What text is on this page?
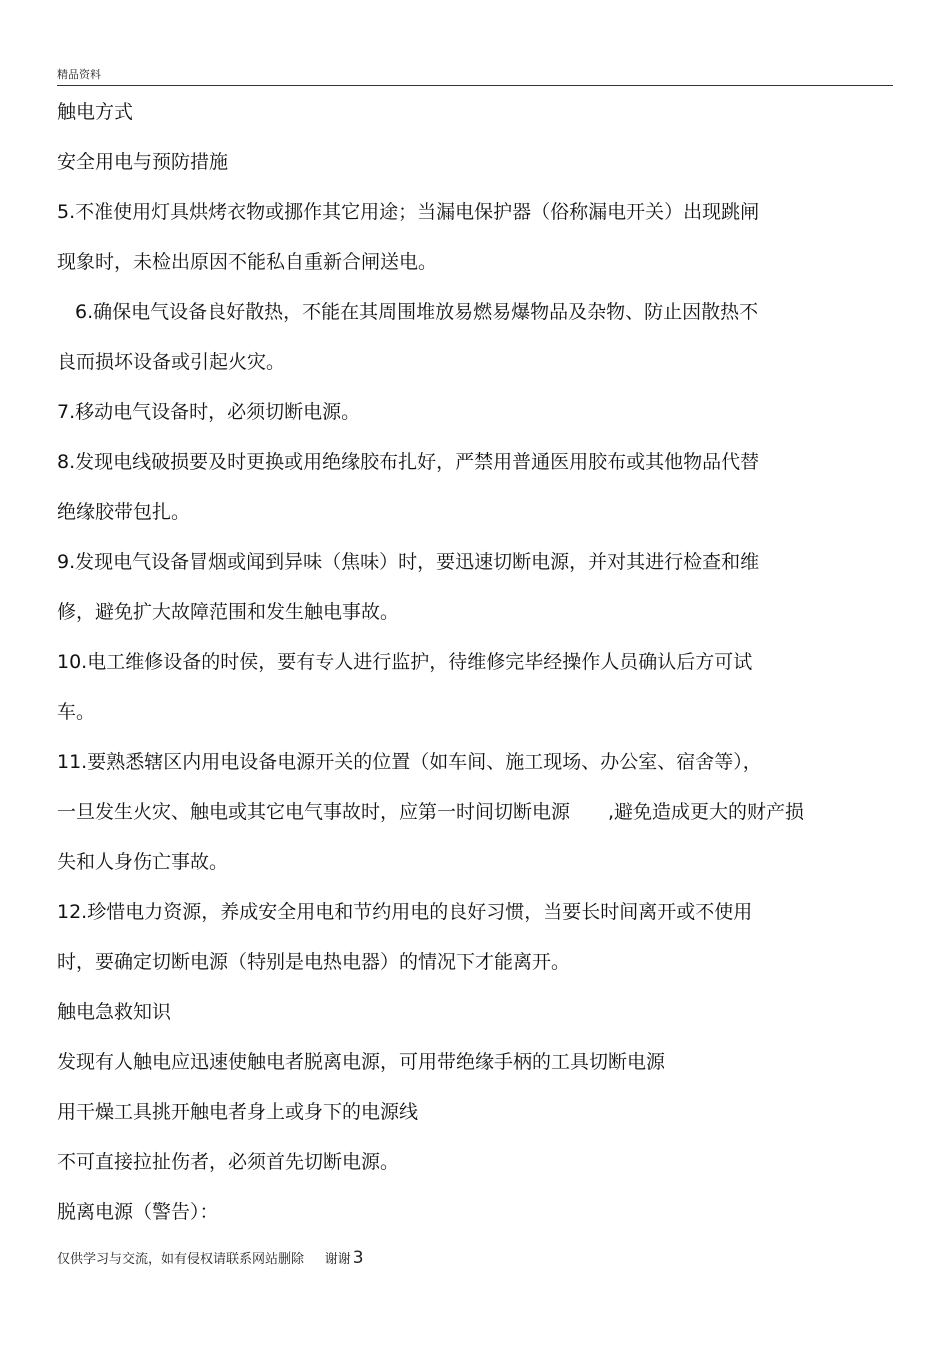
精品资料
触电方式
安全用电与预防措施
5.不准使用灯具烘烤衣物或挪作其它用途；当漏电保护器（俗称漏电开关）出现跳闸
现象时，未检出原因不能私自重新合闸送电。
6.确保电气设备良好散热，不能在其周围堆放易燃易爆物品及杂物、防止因散热不
良而损坏设备或引起火灾。
7.移动电气设备时，必须切断电源。
8.发现电线破损要及时更换或用绝缘胶布扎好，严禁用普通医用胶布或其他物品代替
绝缘胶带包扎。
9.发现电气设备冒烟或闻到异味（焦味）时，要迅速切断电源，并对其进行检查和维
修，避免扩大故障范围和发生触电事故。
10.电工维修设备的时侯，要有专人进行监护，待维修完毕经操作人员确认后方可试
车。
11.要熟悉辖区内用电设备电源开关的位置（如车间、施工现场、办公室、宿舍等），
一旦发生火灾、触电或其它电气事故时，应第一时间切断电源 ,避免造成更大的财产损
失和人身伤亡事故。
12.珍惜电力资源，养成安全用电和节约用电的良好习惯，当要长时间离开或不使用
时，要确定切断电源（特别是电热电器）的情况下才能离开。
触电急救知识
发现有人触电应迅速使触电者脱离电源，可用带绝缘手柄的工具切断电源
用干燥工具挑开触电者身上或身下的电源线
不可直接拉扯伤者，必须首先切断电源。
脱离电源（警告）：
仅供学习与交流，如有侵权请联系网站删除 谢谢 3
